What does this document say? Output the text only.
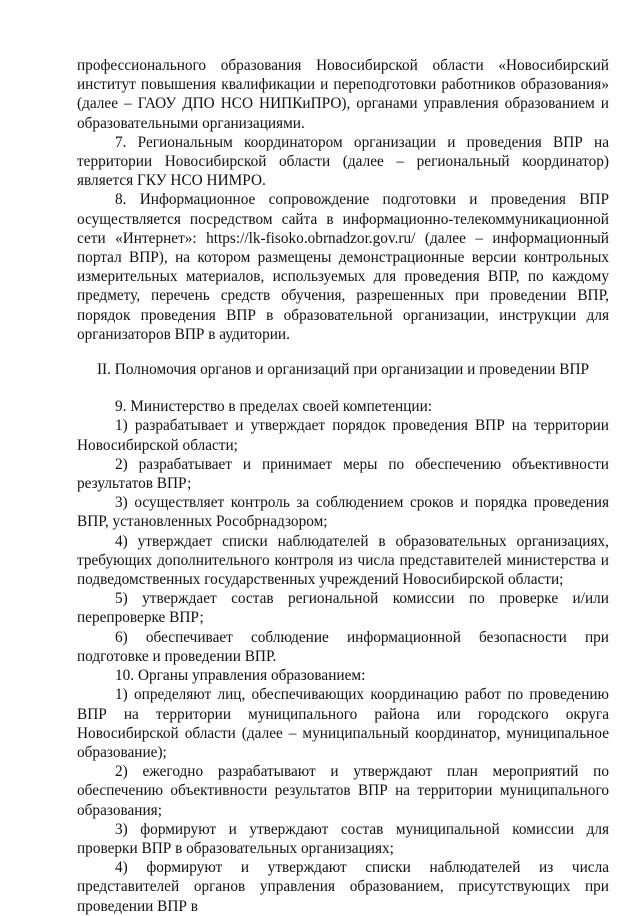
профессионального образования Новосибирской области «Новосибирский институт повышения квалификации и переподготовки работников образования» (далее – ГАОУ ДПО НСО НИПКиПРО), органами управления образованием и образовательными организациями.

7. Региональным координатором организации и проведения ВПР на территории Новосибирской области (далее – региональный координатор) является ГКУ НСО НИМРО.

8. Информационное сопровождение подготовки и проведения ВПР осуществляется посредством сайта в информационно-телекоммуникационной сети «Интернет»: https://lk-fisoko.obrnadzor.gov.ru/ (далее – информационный портал ВПР), на котором размещены демонстрационные версии контрольных измерительных материалов, используемых для проведения ВПР, по каждому предмету, перечень средств обучения, разрешенных при проведении ВПР, порядок проведения ВПР в образовательной организации, инструкции для организаторов ВПР в аудитории.

II. Полномочия органов и организаций при организации и проведении ВПР

9. Министерство в пределах своей компетенции:

1) разрабатывает и утверждает порядок проведения ВПР на территории Новосибирской области;

2) разрабатывает и принимает меры по обеспечению объективности результатов ВПР;

3) осуществляет контроль за соблюдением сроков и порядка проведения ВПР, установленных Рособрнадзором;

4) утверждает списки наблюдателей в образовательных организациях, требующих дополнительного контроля из числа представителей министерства и подведомственных государственных учреждений Новосибирской области;

5) утверждает состав региональной комиссии по проверке и/или перепроверке ВПР;

6) обеспечивает соблюдение информационной безопасности при подготовке и проведении ВПР.

10. Органы управления образованием:

1) определяют лиц, обеспечивающих координацию работ по проведению ВПР на территории муниципального района или городского округа Новосибирской области (далее – муниципальный координатор, муниципальное образование);

2) ежегодно разрабатывают и утверждают план мероприятий по обеспечению объективности результатов ВПР на территории муниципального образования;

3) формируют и утверждают состав муниципальной комиссии для проверки ВПР в образовательных организациях;

4) формируют и утверждают списки наблюдателей из числа представителей органов управления образованием, присутствующих при проведении ВПР в
